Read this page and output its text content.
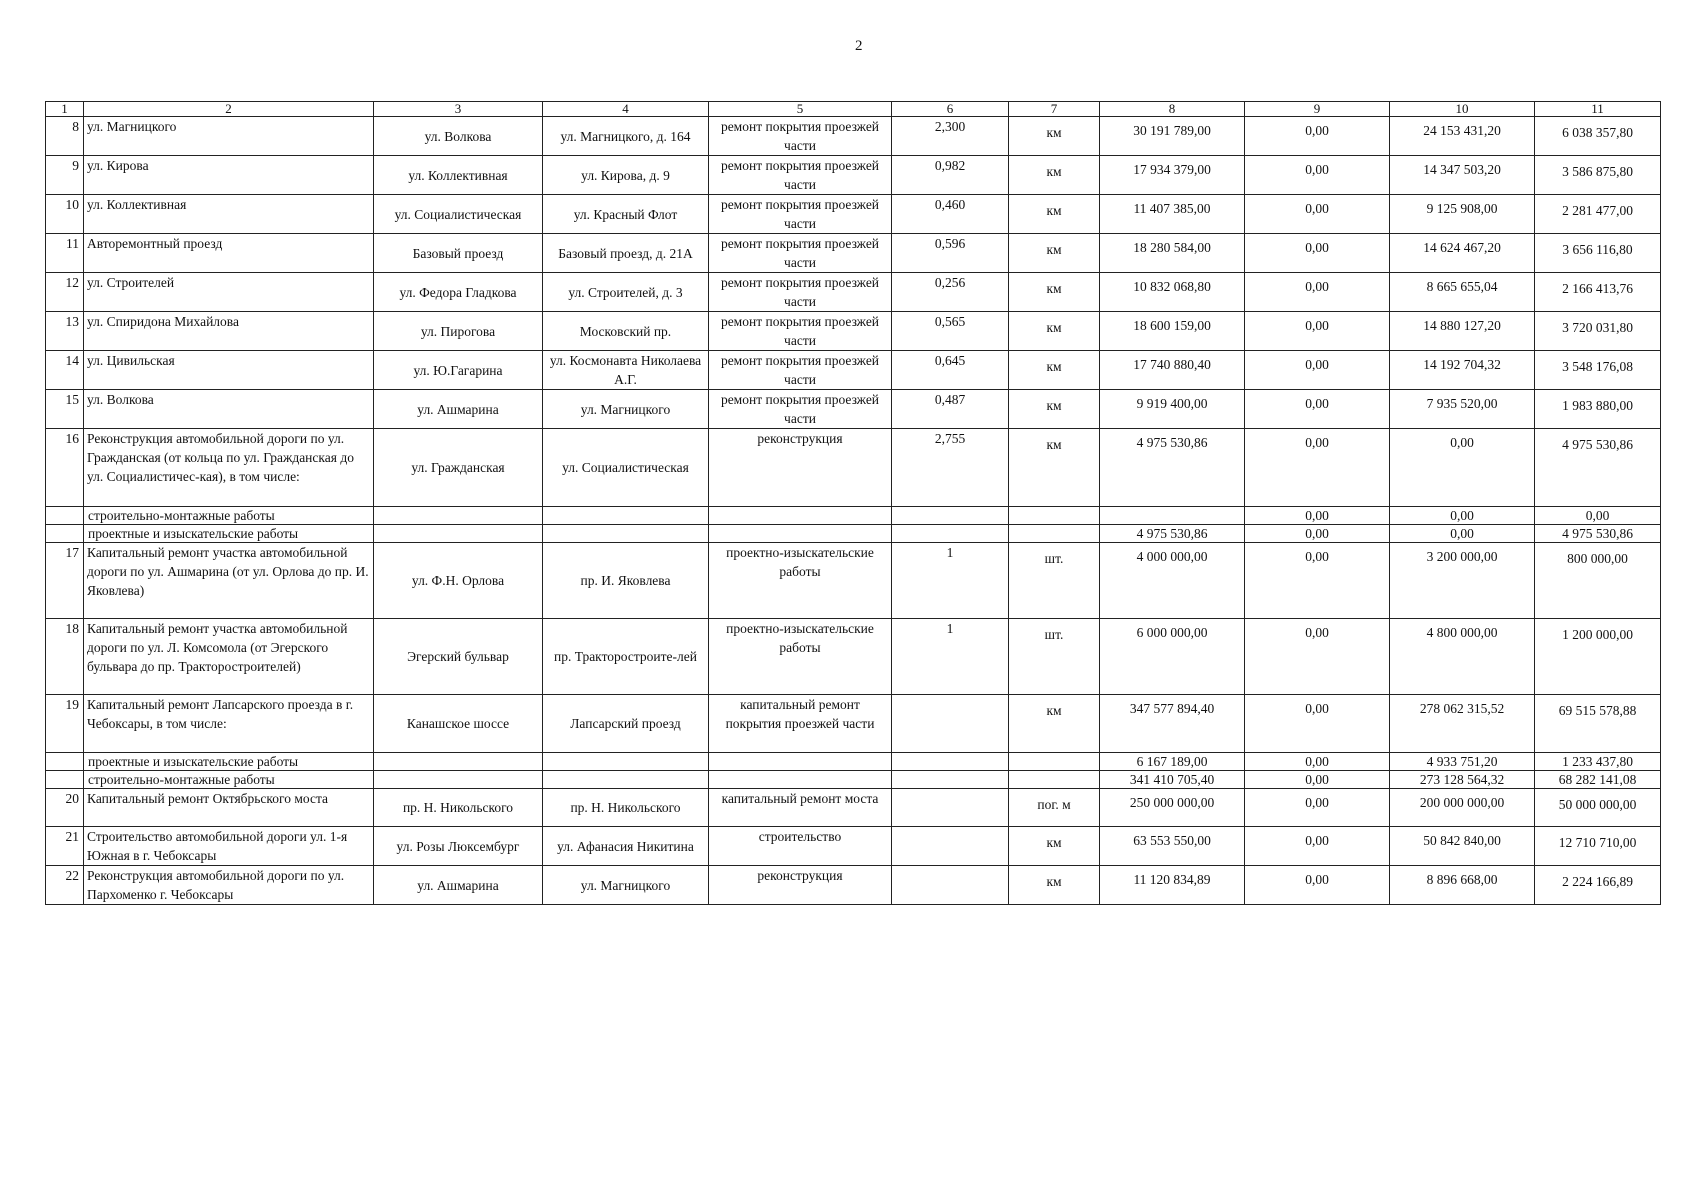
2
1	2	3	4	5	6	7	8	9	10	11
8	ул. Магницкого	ул. Волкова	ул. Магницкого, д. 164	ремонт покрытия проезжей части	2,300	км	30 191 789,00	0,00	24 153 431,20	6 038 357,80
9	ул. Кирова	ул. Коллективная	ул. Кирова, д. 9	ремонт покрытия проезжей части	0,982	км	17 934 379,00	0,00	14 347 503,20	3 586 875,80
10	ул. Коллективная	ул. Социалистическая	ул. Красный Флот	ремонт покрытия проезжей части	0,460	км	11 407 385,00	0,00	9 125 908,00	2 281 477,00
11	Авторемонтный проезд	Базовый проезд	Базовый проезд, д. 21А	ремонт покрытия проезжей части	0,596	км	18 280 584,00	0,00	14 624 467,20	3 656 116,80
12	ул. Строителей	ул. Федора Гладкова	ул. Строителей, д. 3	ремонт покрытия проезжей части	0,256	км	10 832 068,80	0,00	8 665 655,04	2 166 413,76
13	ул. Спиридона Михайлова	ул. Пирогова	Московский пр.	ремонт покрытия проезжей части	0,565	км	18 600 159,00	0,00	14 880 127,20	3 720 031,80
14	ул. Цивильская	ул. Ю.Гагарина	ул. Космонавта Николаева А.Г.	ремонт покрытия проезжей части	0,645	км	17 740 880,40	0,00	14 192 704,32	3 548 176,08
15	ул. Волкова	ул. Ашмарина	ул. Магницкого	ремонт покрытия проезжей части	0,487	км	9 919 400,00	0,00	7 935 520,00	1 983 880,00
16	Реконструкция автомобильной дороги по ул. Гражданская (от кольца по ул. Гражданская до ул. Социалистичес-кая), в том числе:	ул. Гражданская	ул. Социалистическая	реконструкция	2,755	км	4 975 530,86	0,00	0,00	4 975 530,86
	строительно-монтажные работы							0,00	0,00	0,00
	проектные и изыскательские работы						4 975 530,86	0,00	0,00	4 975 530,86
17	Капитальный ремонт участка автомобильной дороги по ул. Ашмарина (от ул. Орлова до пр. И. Яковлева)	ул. Ф.Н. Орлова	пр. И. Яковлева	проектно-изыскательские работы	1	шт.	4 000 000,00	0,00	3 200 000,00	800 000,00
18	Капитальный ремонт участка автомобильной дороги по ул. Л. Комсомола (от Эгерского бульвара до пр. Тракторостроителей)	Эгерский бульвар	пр. Тракторостроите-лей	проектно-изыскательские работы	1	шт.	6 000 000,00	0,00	4 800 000,00	1 200 000,00
19	Капитальный ремонт Лапсарского проезда в г. Чебоксары, в том числе:	Канашское шоссе	Лапсарский проезд	капитальный ремонт покрытия проезжей части		км	347 577 894,40	0,00	278 062 315,52	69 515 578,88
	проектные и изыскательские работы						6 167 189,00	0,00	4 933 751,20	1 233 437,80
	строительно-монтажные работы						341 410 705,40	0,00	273 128 564,32	68 282 141,08
20	Капитальный ремонт Октябрьского моста	пр. Н. Никольского	пр. Н. Никольского	капитальный ремонт моста		пог. м	250 000 000,00	0,00	200 000 000,00	50 000 000,00
21	Строительство автомобильной дороги ул. 1-я Южная в г. Чебоксары	ул. Розы Люксембург	ул. Афанасия Никитина	строительство		км	63 553 550,00	0,00	50 842 840,00	12 710 710,00
22	Реконструкция автомобильной дороги по ул. Пархоменко г. Чебоксары	ул. Ашмарина	ул. Магницкого	реконструкция		км	11 120 834,89	0,00	8 896 668,00	2 224 166,89
